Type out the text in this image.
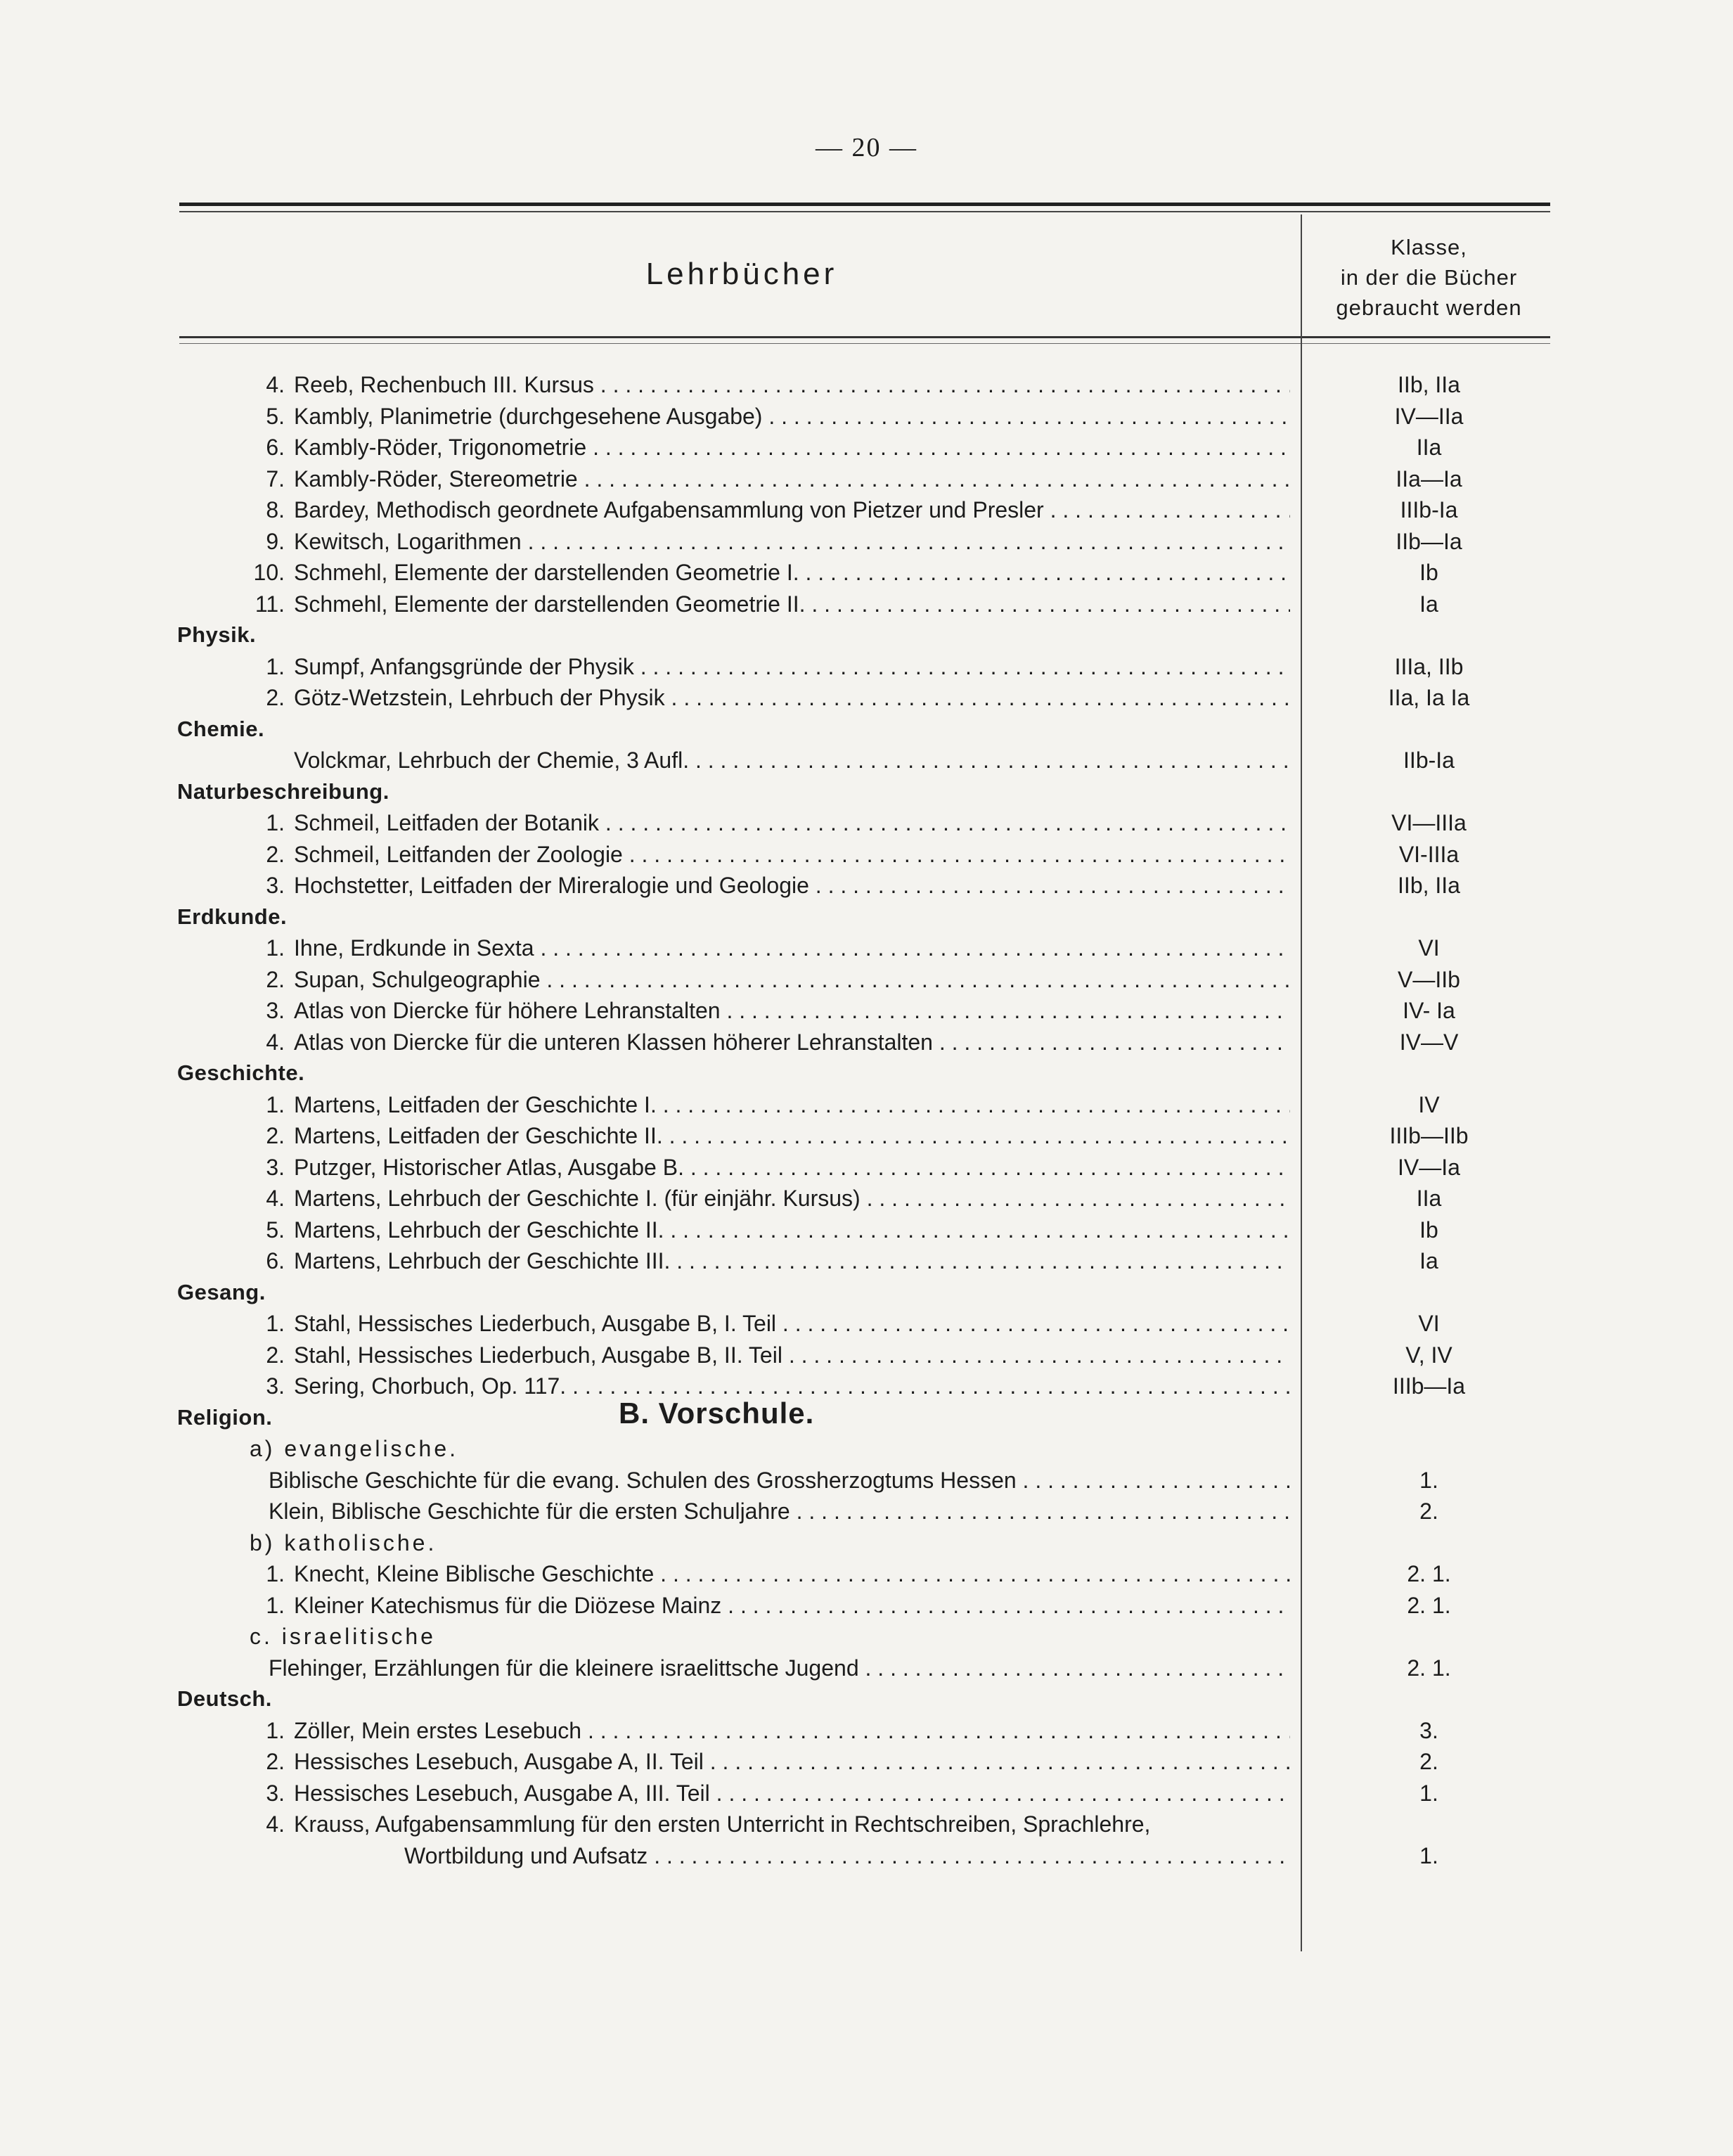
— 20 —
Lehrbücher
Klasse,
in der die Bücher
gebraucht werden
4. Reeb, Rechenbuch III. Kursus . . .	IIb, IIa
5. Kambly, Planimetrie (durchgesehene Ausgabe) . . .	IV—IIa
6. Kambly-Röder, Trigonometrie . . .	IIa
7. Kambly-Röder, Stereometrie . . .	IIa—Ia
8. Bardey, Methodisch geordnete Aufgabensammlung von Pietzer und Presler . . .	IIIb-Ia
9. Kewitsch, Logarithmen . . .	IIb—Ia
10. Schmehl, Elemente der darstellenden Geometrie I. . . .	Ib
11. Schmehl, Elemente der darstellenden Geometrie II. . . .	Ia
Physik.
1. Sumpf, Anfangsgründe der Physik . . .	IIIa, IIb
2. Götz-Wetzstein, Lehrbuch der Physik . . .	IIa, Ia Ia
Chemie.
Volckmar, Lehrbuch der Chemie, 3 Aufl. . . .	IIb-Ia
Naturbeschreibung.
1. Schmeil, Leitfaden der Botanik . . .	VI—IIIa
2. Schmeil, Leitfanden der Zoologie . . .	VI-IIIa
3. Hochstetter, Leitfaden der Mireralogie und Geologie . . .	IIb, IIa
Erdkunde.
1. Ihne, Erdkunde in Sexta . . .	VI
2. Supan, Schulgeographie . . .	V—IIb
3. Atlas von Diercke für höhere Lehranstalten . . .	IV- Ia
4. Atlas von Diercke für die unteren Klassen höherer Lehranstalten . . .	IV—V
Geschichte.
1. Martens, Leitfaden der Geschichte I. . . .	IV
2. Martens, Leitfaden der Geschichte II. . . .	IIIb—IIb
3. Putzger, Historischer Atlas, Ausgabe B. . . .	IV—Ia
4. Martens, Lehrbuch der Geschichte I. (für einjähr. Kursus) . . .	IIa
5. Martens, Lehrbuch der Geschichte II. . . .	Ib
6. Martens, Lehrbuch der Geschichte III. . . .	Ia
Gesang.
1. Stahl, Hessisches Liederbuch, Ausgabe B, I. Teil . . .	VI
2. Stahl, Hessisches Liederbuch, Ausgabe B, II. Teil . . .	V, IV
3. Sering, Chorbuch, Op. 117. . . .	IIIb—Ia
Religion.	B. Vorschule.
a) evangelische.
Biblische Geschichte für die evang. Schulen des Grossherzogtums Hessen . . .	1.
Klein, Biblische Geschichte für die ersten Schuljahre . . .	2.
b) katholische.
1. Knecht, Kleine Biblische Geschichte . . .	2. 1.
1. Kleiner Katechismus für die Diözese Mainz . . .	2. 1.
c. israelitische
Flehinger, Erzählungen für die kleinere israelittsche Jugend . . .	2. 1.
Deutsch.
1. Zöller, Mein erstes Lesebuch . . .	3.
2. Hessisches Lesebuch, Ausgabe A, II. Teil . . .	2.
3. Hessisches Lesebuch, Ausgabe A, III. Teil . . .	1.
4. Krauss, Aufgabensammlung für den ersten Unterricht in Rechtschreiben, Sprachlehre,
Wortbildung und Aufsatz . . .	1.
